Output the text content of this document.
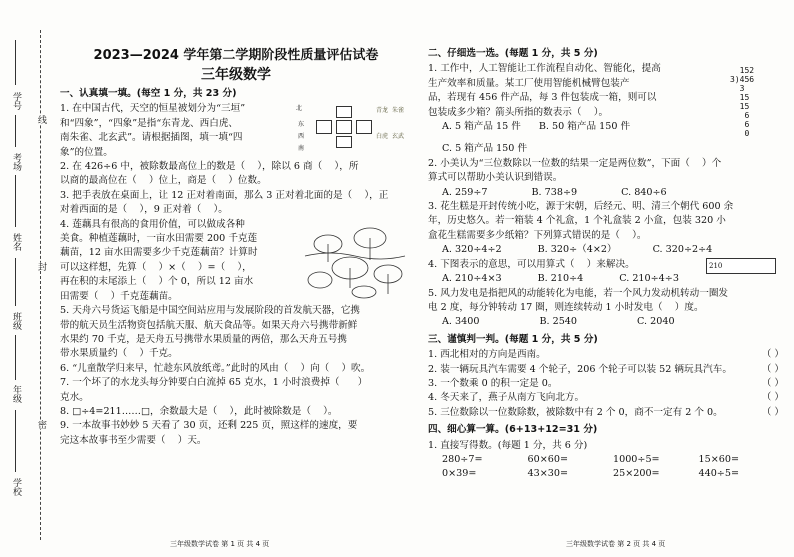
线
封
密
学号
考场
姓名
班级
年级
学校
2023—2024 学年第二学期阶段性质量评估试卷
三年级数学
一、认真填一填。(每空 1 分，共 23 分)

1. 在中国古代，天空的恒星被划分为“三垣”
和“四象”，“四象”是指“东青龙、西白虎、
南朱雀、北玄武”。请根据插图，填一填“四
象”的位置。

北
东
西
南
青龙
白虎
朱雀
玄武

2. 在 426÷6 中，被除数最高位上的数是（    ），除以 6 商（    ），所
以商的最高位在（    ）位上，商是（    ）位数。

3. 把手表放在桌面上，让 12 正对着南面，那么 3 正对着北面的是（    ），正
对着西面的是（    ），9 正对着（    ）。

4. 莲藕具有很高的食用价值，可以做成各种
美食。种植莲藕时，一亩水田需要 200 千克莲
藕苗，12 亩水田需要多少千克莲藕苗？计算时
可以这样想，先算（    ）×（    ）=（    ），
再在积的末尾添上（    ）个 0，所以 12 亩水
田需要（    ）千克莲藕苗。

5. 天舟六号货运飞船是中国空间站应用与发展阶段的首发航天器，它携
带的航天员生活物资包括航天服、航天食品等。如果天舟六号携带新鲜
水果约 70 千克，是天舟五号携带水果质量的两倍，那么天舟五号携
带水果质量约（    ）千克。

6. “儿童散学归来早，忙趁东风放纸鸢。”此时的风由（    ）向（    ）吹。

7. 一个坏了的水龙头每分钟要白白流掉 65 克水，1 小时浪费掉（      ）
克水。

8. □÷4=211……□，余数最大是（    ），此时被除数是（    ）。

9. 一本故事书妙妙 5 天看了 30 页，还剩 225 页，照这样的速度，要
完这本故事书至少需要（    ）天。

三年级数学试卷 第 1 页 共 4 页
二、仔细选一选。(每题 1 分，共 5 分)

1. 工作中，人工智能让工作流程自动化、智能化，提高
生产效率和质量。某工厂使用智能机械臂包装产
品，若现有 456 件产品，每 3 件包装成一箱，则可以
包装成多少箱？箭头所指的数表示（    ）。

A. 5 箱产品 15 件 B. 50 箱产品 150 件
C. 5 箱产品 150 件
152
3)456
3
15
15
6
6
0

2. 小美认为“三位数除以一位数的结果一定是两位数”，下面（    ）个
算式可以帮助小美认识到错误。

A. 259÷7	B. 738÷9	C. 840÷6

3. 花生糕是开封传统小吃，源于宋朝，后经元、明、清三个朝代 600 余
年，历史悠久。若一箱装 4 个礼盒，1 个礼盒装 2 小盒，包装 320 小
盒花生糕需要多少纸箱？下列算式错误的是（    ）。

A. 320÷4÷2	B. 320÷（4×2）	C. 320÷2÷4

4. 下图表示的意思，可以用算式（    ）来解决。	210
A. 210÷4×3	B. 210÷4	C. 210÷4÷3

5. 风力发电是指把风的动能转化为电能，若一个风力发动机转动一圈发
电 2 度，每分钟转动 17 圈，则连续转动 1 小时发电（    ）度。

A. 3400	B. 2540	C. 2040
三、谨慎判一判。(每题 1 分，共 5 分)
1. 西北相对的方向是西南。	（ ）
2. 装一辆玩具汽车需要 4 个轮子，206 个轮子可以装 52 辆玩具汽车。	（ ）
3. 一个数乘 0 的积一定是 0。	（ ）
4. 冬天来了，燕子从南方飞向北方。	（ ）
5. 三位数除以一位数除数，被除数中有 2 个 0，商不一定有 2 个 0。	（ ）
四、细心算一算。(6+13+12=31 分)

1. 直接写得数。(每题 1 分，共 6 分)

280÷7=	60×60=	1000÷5=	15×60=
0×39=	43×30=	25×200=	440÷5=
三年级数学试卷 第 2 页 共 4 页
